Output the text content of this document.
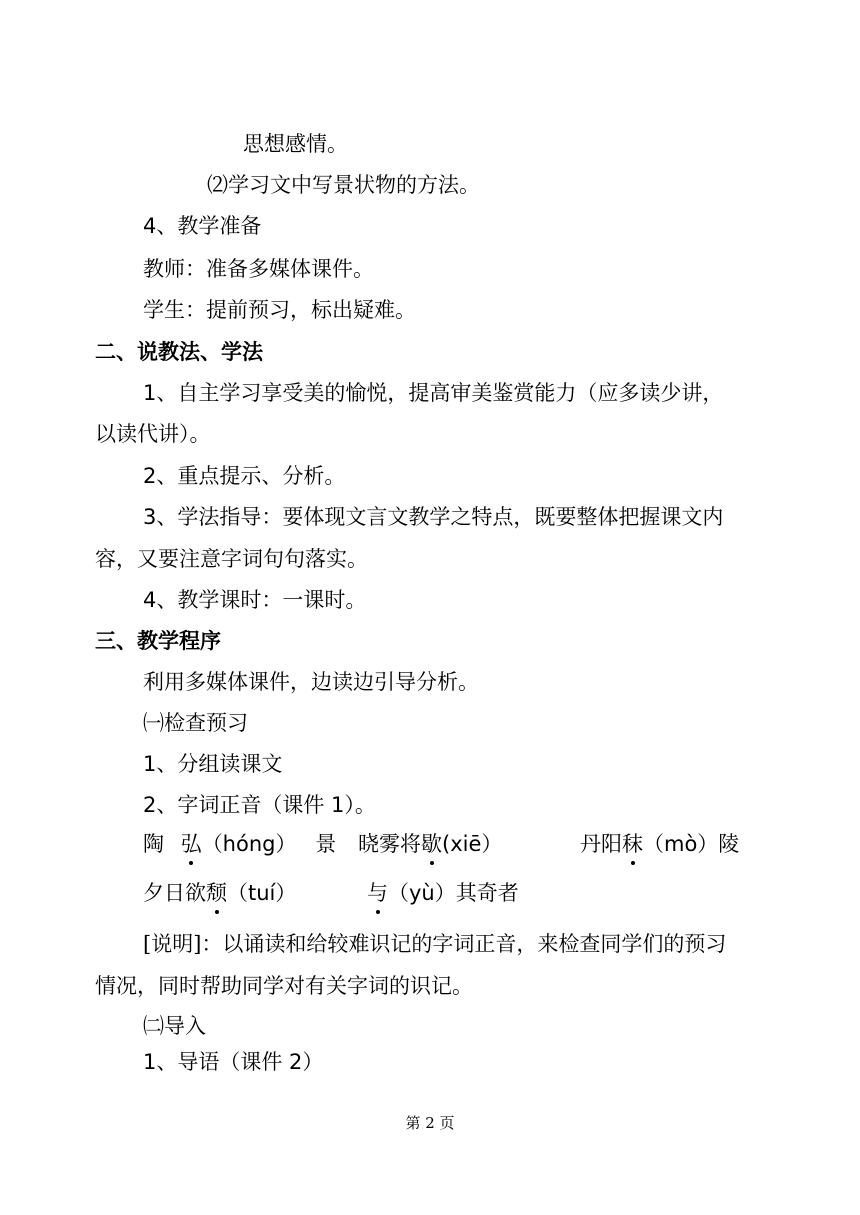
思想感情。
⑵学习文中写景状物的方法。
4、教学准备
教师：准备多媒体课件。
学生：提前预习，标出疑难。
二、说教法、学法
1、自主学习享受美的愉悦，提高审美鉴赏能力（应多读少讲，
以读代讲）。
2、重点提示、分析。
3、学法指导：要体现文言文教学之特点，既要整体把握课文内
容，又要注意字词句句落实。
4、教学课时：一课时。
三、教学程序
利用多媒体课件，边读边引导分析。
㈠检查预习
1、分组读课文
2、字词正音（课件 1）。
陶 弘（hóng） 景 晓雾将歇(xiē）	丹阳秣（mò）陵
夕日欲颓（tuí）	与（yù）其奇者
[说明]：以诵读和给较难识记的字词正音，来检查同学们的预习
情况，同时帮助同学对有关字词的识记。
㈡导入
1、导语（课件 2）
第 2 页
